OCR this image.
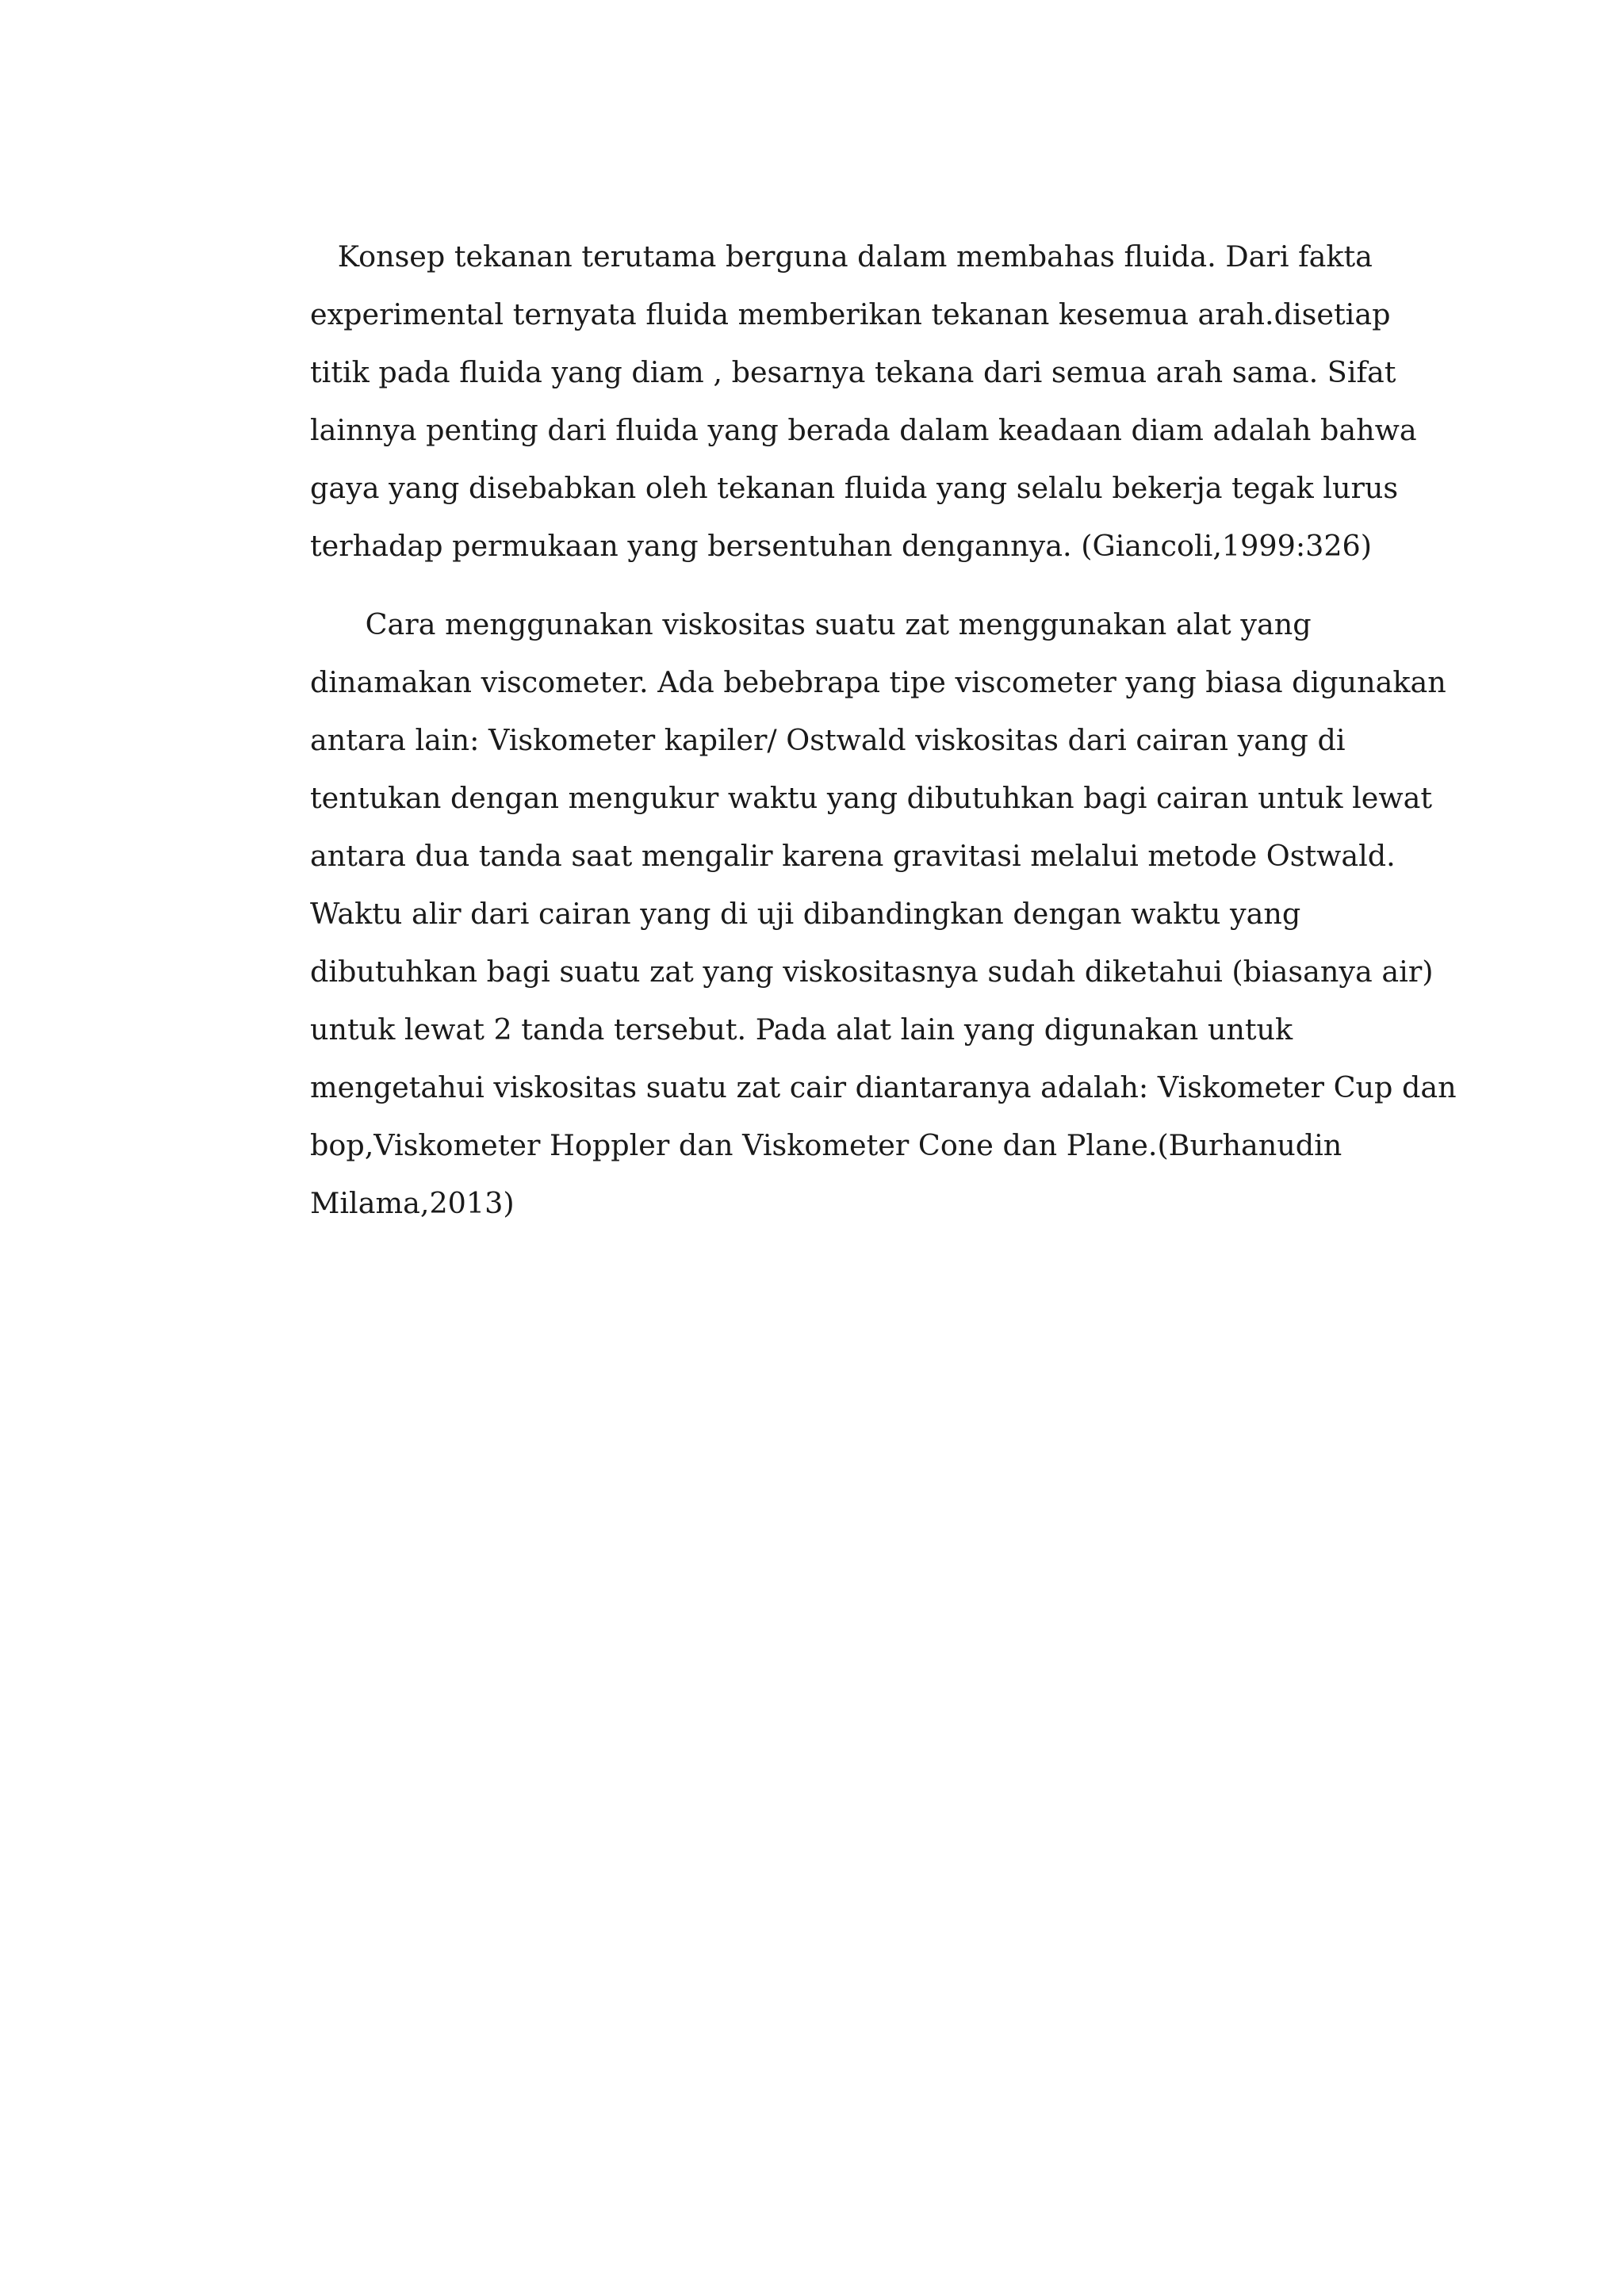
Konsep tekanan terutama berguna dalam membahas fluida. Dari fakta
experimental ternyata fluida memberikan tekanan kesemua arah.disetiap
titik pada fluida yang diam , besarnya tekana dari semua arah sama. Sifat
lainnya penting dari fluida yang berada dalam keadaan diam adalah bahwa
gaya yang disebabkan oleh tekanan fluida yang selalu bekerja tegak lurus
terhadap permukaan yang bersentuhan dengannya. (Giancoli,1999:326)
Cara menggunakan viskositas suatu zat menggunakan alat yang
dinamakan viscometer. Ada bebebrapa tipe viscometer yang biasa digunakan
antara lain: Viskometer kapiler/ Ostwald viskositas dari cairan yang di
tentukan dengan mengukur waktu yang dibutuhkan bagi cairan untuk lewat
antara dua tanda saat mengalir karena gravitasi melalui metode Ostwald.
Waktu alir dari cairan yang di uji dibandingkan dengan waktu yang
dibutuhkan bagi suatu zat yang viskositasnya sudah diketahui (biasanya air)
untuk lewat 2 tanda tersebut. Pada alat lain yang digunakan untuk
mengetahui viskositas suatu zat cair diantaranya adalah: Viskometer Cup dan
bop,Viskometer Hoppler dan Viskometer Cone dan Plane.(Burhanudin
Milama,2013)
